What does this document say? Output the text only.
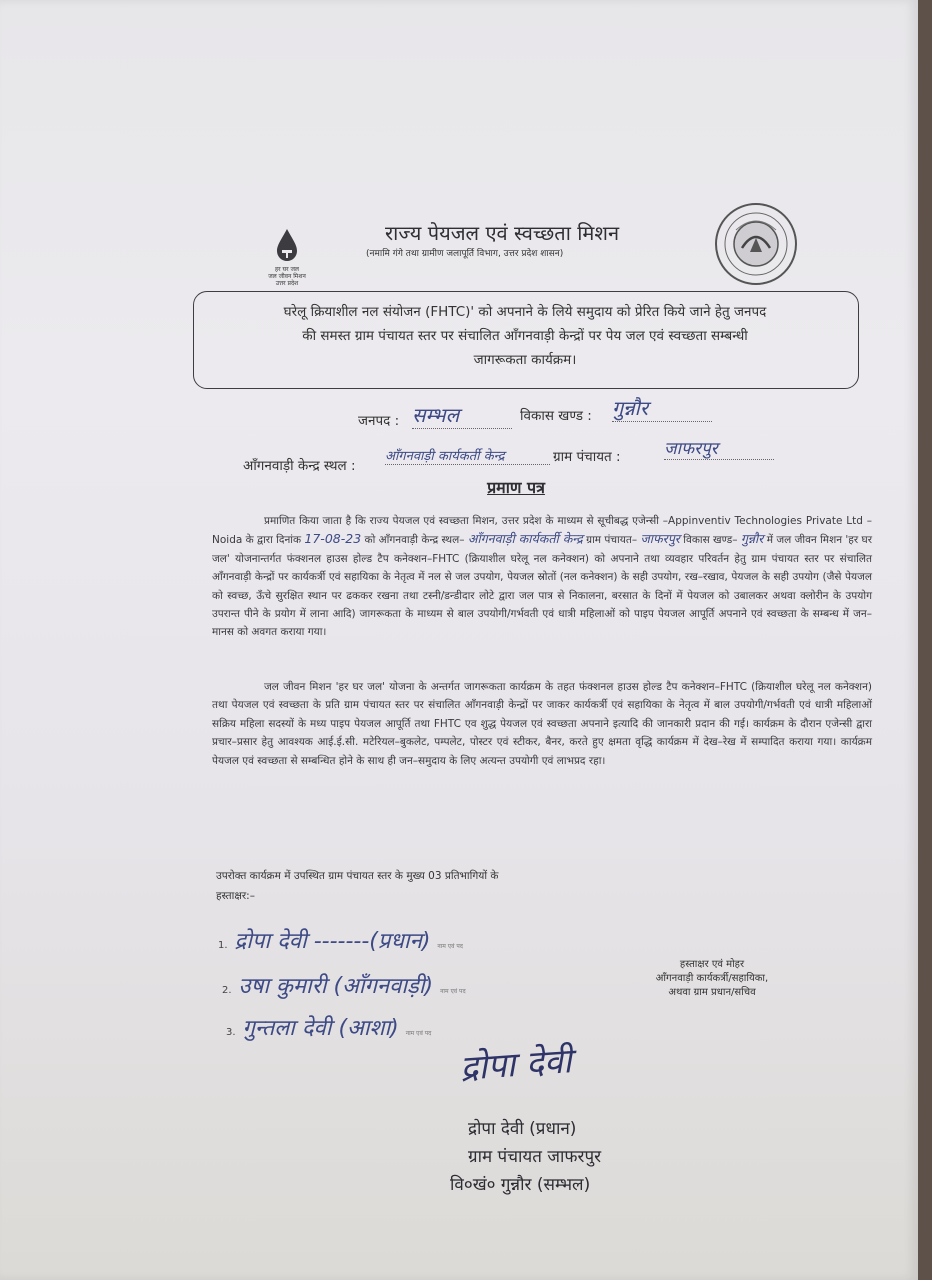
हर घर जल
जल जीवन मिशन
उत्तर प्रदेश
राज्य पेयजल एवं स्वच्छता मिशन
(नमामि गंगे तथा ग्रामीण जलापूर्ति विभाग, उत्तर प्रदेश शासन)
घरेलू क्रियाशील नल संयोजन (FHTC)' को अपनाने के लिये समुदाय को प्रेरित किये जाने हेतु जनपद
की समस्त ग्राम पंचायत स्तर पर संचालित आँगनवाड़ी केन्द्रों पर पेय जल एवं स्वच्छता सम्बन्धी
जागरूकता कार्यक्रम।
जनपद : सम्भल	विकास खण्ड : गुन्नौर
आँगनवाड़ी केन्द्र स्थल :
आँगनवाड़ी कार्यकर्ती केन्द्र	ग्राम पंचायत :	जाफरपुर
प्रमाण पत्र
प्रमाणित किया जाता है कि राज्य पेयजल एवं स्वच्छता मिशन, उत्तर प्रदेश के माध्यम से सूचीबद्ध एजेन्सी –Appinventiv Technologies Private Ltd – Noida के द्वारा दिनांक 17-08-23 को आँगनवाड़ी केन्द्र स्थल– आँगनवाड़ी कार्यकर्ती केन्द्र ग्राम पंचायत– जाफरपुर विकास खण्ड– गुन्नौर में जल जीवन मिशन 'हर घर जल' योजनान्तर्गत फंक्शनल हाउस होल्ड टैप कनेक्शन–FHTC (क्रियाशील घरेलू नल कनेक्शन) को अपनाने तथा व्यवहार परिवर्तन हेतु ग्राम पंचायत स्तर पर संचालित आँगनवाड़ी केन्द्रों पर कार्यकर्त्री एवं सहायिका के नेतृत्व में नल से जल उपयोग, पेयजल स्रोतों (नल कनेक्शन) के सही उपयोग, रख–रखाव, पेयजल के सही उपयोग (जैसे पेयजल को स्वच्छ, ऊँचे सुरक्षित स्थान पर ढककर रखना तथा टस्नी/डन्डीदार लोटे द्वारा जल पात्र से निकालना, बरसात के दिनों में पेयजल को उबालकर अथवा क्लोरीन के उपयोग उपरान्त पीने के प्रयोग में लाना आदि) जागरूकता के माध्यम से बाल उपयोगी/गर्भवती एवं धात्री महिलाओं को पाइप पेयजल आपूर्ति अपनाने एवं स्वच्छता के सम्बन्ध में जन–मानस को अवगत कराया गया।
जल जीवन मिशन 'हर घर जल' योजना के अन्तर्गत जागरूकता कार्यक्रम के तहत फंक्शनल हाउस होल्ड टैप कनेक्शन–FHTC (क्रियाशील घरेलू नल कनेक्शन) तथा पेयजल एवं स्वच्छता के प्रति ग्राम पंचायत स्तर पर संचालित आँगनवाड़ी केन्द्रों पर जाकर कार्यकर्त्री एवं सहायिका के नेतृत्व में बाल उपयोगी/गर्भवती एवं धात्री महिलाओं सक्रिय महिला सदस्यों के मध्य पाइप पेयजल आपूर्ति तथा FHTC एव शुद्ध पेयजल एवं स्वच्छता अपनाने इत्यादि की जानकारी प्रदान की गई। कार्यक्रम के दौरान एजेन्सी द्वारा प्रचार–प्रसार हेतु आवश्यक आई.ई.सी. मटेरियल–बुकलेट, पम्पलेट, पोस्टर एवं स्टीकर, बैनर, करते हुए क्षमता वृद्धि कार्यक्रम में देख–रेख में सम्पादित कराया गया। कार्यक्रम पेयजल एवं स्वच्छता से सम्बन्धित होने के साथ ही जन–समुदाय के लिए अत्यन्त उपयोगी एवं लाभप्रद रहा।
उपरोक्त कार्यक्रम में उपस्थित ग्राम पंचायत स्तर के मुख्य 03 प्रतिभागियों के
हस्ताक्षर:–
1. द्रोपा देवी -------(प्रधान) नाम एवं पद
2. उषा कुमारी (आँगनवाड़ी) नाम एवं पद
3. गुन्तला देवी (आशा) नाम एवं पद
हस्ताक्षर एवं मोहर
आँगनवाड़ी कार्यकर्त्री/सहायिका,
अथवा ग्राम प्रधान/सचिव
द्रोपा देवी
द्रोपा देवी (प्रधान)
ग्राम पंचायत जाफरपुर
वि०खं० गुन्नौर (सम्भल)
